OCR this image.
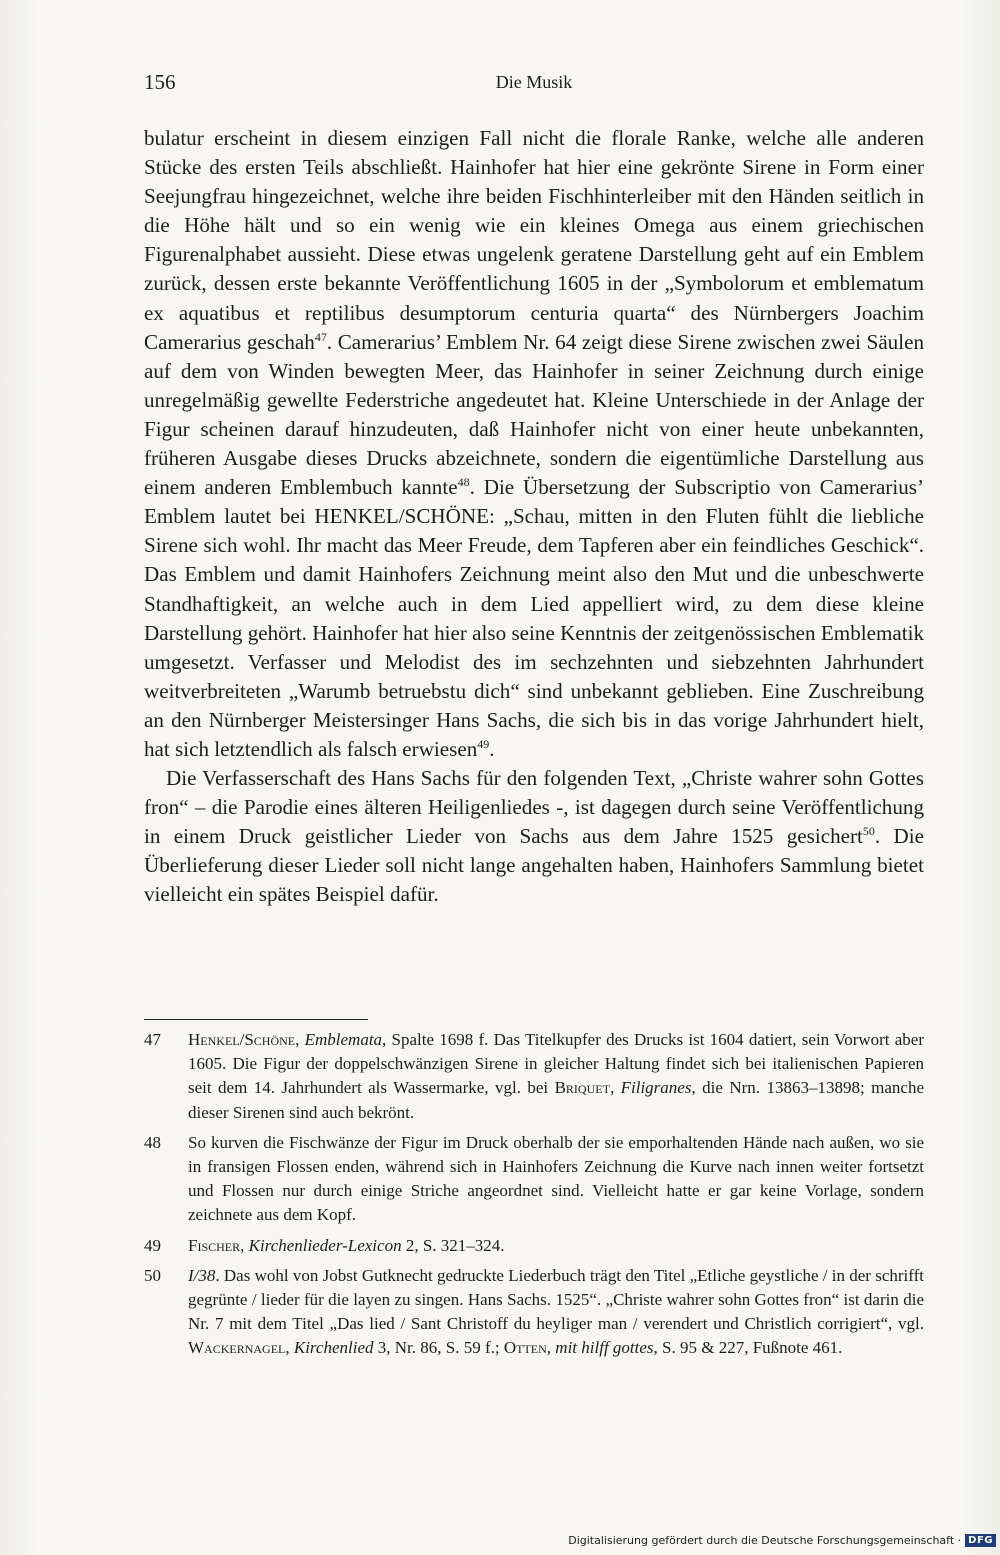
156	Die Musik

bulatur erscheint in diesem einzigen Fall nicht die florale Ranke, welche alle anderen Stücke des ersten Teils abschließt. Hainhofer hat hier eine gekrönte Sirene in Form einer Seejungfrau hingezeichnet, welche ihre beiden Fischhinterleiber mit den Händen seitlich in die Höhe hält und so ein wenig wie ein kleines Omega aus einem griechischen Figurenalphabet aussieht. Diese etwas ungelenk geratene Darstellung geht auf ein Emblem zurück, dessen erste bekannte Veröffentlichung 1605 in der „Symbolorum et emblematum ex aquatibus et reptilibus desumptorum centuria quarta“ des Nürnbergers Joachim Camerarius geschah$^{47}$. Camerarius’ Emblem Nr. 64 zeigt diese Sirene zwischen zwei Säulen auf dem von Winden bewegten Meer, das Hainhofer in seiner Zeichnung durch einige unregelmäßig gewellte Federstriche angedeutet hat. Kleine Unterschiede in der Anlage der Figur scheinen darauf hinzudeuten, daß Hainhofer nicht von einer heute unbekannten, früheren Ausgabe dieses Drucks abzeichnete, sondern die eigentümliche Darstellung aus einem anderen Emblembuch kannte$^{48}$. Die Übersetzung der Subscriptio von Camerarius’ Emblem lautet bei HENKEL/SCHÖNE: „Schau, mitten in den Fluten fühlt die liebliche Sirene sich wohl. Ihr macht das Meer Freude, dem Tapferen aber ein feindliches Geschick“. Das Emblem und damit Hainhofers Zeichnung meint also den Mut und die unbeschwerte Standhaftigkeit, an welche auch in dem Lied appelliert wird, zu dem diese kleine Darstellung gehört. Hainhofer hat hier also seine Kenntnis der zeitgenössischen Emblematik umgesetzt. Verfasser und Melodist des im sechzehnten und siebzehnten Jahrhundert weitverbreiteten „Warumb betruebstu dich“ sind unbekannt geblieben. Eine Zuschreibung an den Nürnberger Meistersinger Hans Sachs, die sich bis in das vorige Jahrhundert hielt, hat sich letztendlich als falsch erwiesen$^{49}$.

Die Verfasserschaft des Hans Sachs für den folgenden Text, „Christe wahrer sohn Gottes fron“ – die Parodie eines älteren Heiligenliedes -, ist dagegen durch seine Veröffentlichung in einem Druck geistlicher Lieder von Sachs aus dem Jahre 1525 gesichert$^{50}$. Die Überlieferung dieser Lieder soll nicht lange angehalten haben, Hainhofers Sammlung bietet vielleicht ein spätes Beispiel dafür.

47	Henkel/Schöne, Emblemata, Spalte 1698 f. Das Titelkupfer des Drucks ist 1604 datiert, sein Vorwort aber 1605. Die Figur der doppelschwänzigen Sirene in gleicher Haltung findet sich bei italienischen Papieren seit dem 14. Jahrhundert als Wassermarke, vgl. bei Briquet, Filigranes, die Nrn. 13863–13898; manche dieser Sirenen sind auch bekrönt.
48	So kurven die Fischwänze der Figur im Druck oberhalb der sie emporhaltenden Hände nach außen, wo sie in fransigen Flossen enden, während sich in Hainhofers Zeichnung die Kurve nach innen weiter fortsetzt und Flossen nur durch einige Striche angeordnet sind. Vielleicht hatte er gar keine Vorlage, sondern zeichnete aus dem Kopf.
49	Fischer, Kirchenlieder-Lexicon 2, S. 321–324.
50	I/38. Das wohl von Jobst Gutknecht gedruckte Liederbuch trägt den Titel „Etliche geystliche / in der schrifft gegrünte / lieder für die layen zu singen. Hans Sachs. 1525“. „Christe wahrer sohn Gottes fron“ ist darin die Nr. 7 mit dem Titel „Das lied / Sant Christoff du heyliger man / verendert und Christlich corrigiert“, vgl. Wackernagel, Kirchenlied 3, Nr. 86, S. 59 f.; Otten, mit hilff gottes, S. 95 & 227, Fußnote 461.
Digitalisierung gefördert durch die Deutsche Forschungsgemeinschaft · DFG
